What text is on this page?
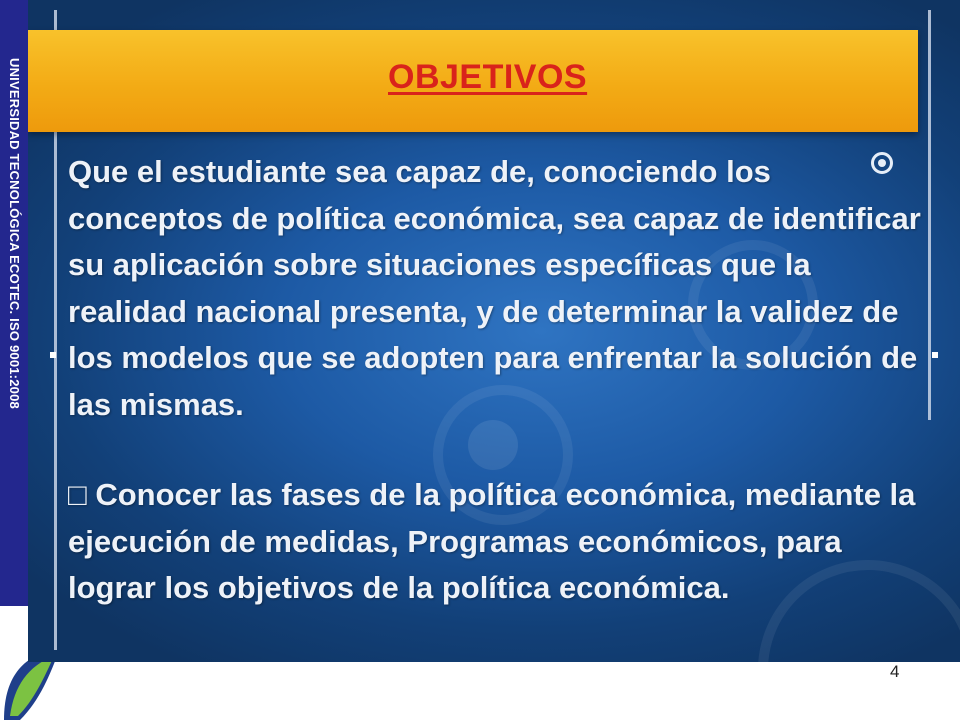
UNIVERSIDAD TECNOLÓGICA ECOTEC. ISO 9001:2008	OBJETIVOS
Que el estudiante sea capaz de, conociendo los conceptos de política económica, sea capaz de identificar su aplicación sobre situaciones específicas que la realidad nacional presenta, y de determinar la validez de los modelos que se adopten para enfrentar la solución de las mismas.
□ Conocer las fases de la política económica, mediante la ejecución de medidas, Programas económicos, para lograr los objetivos de la política económica.
4
